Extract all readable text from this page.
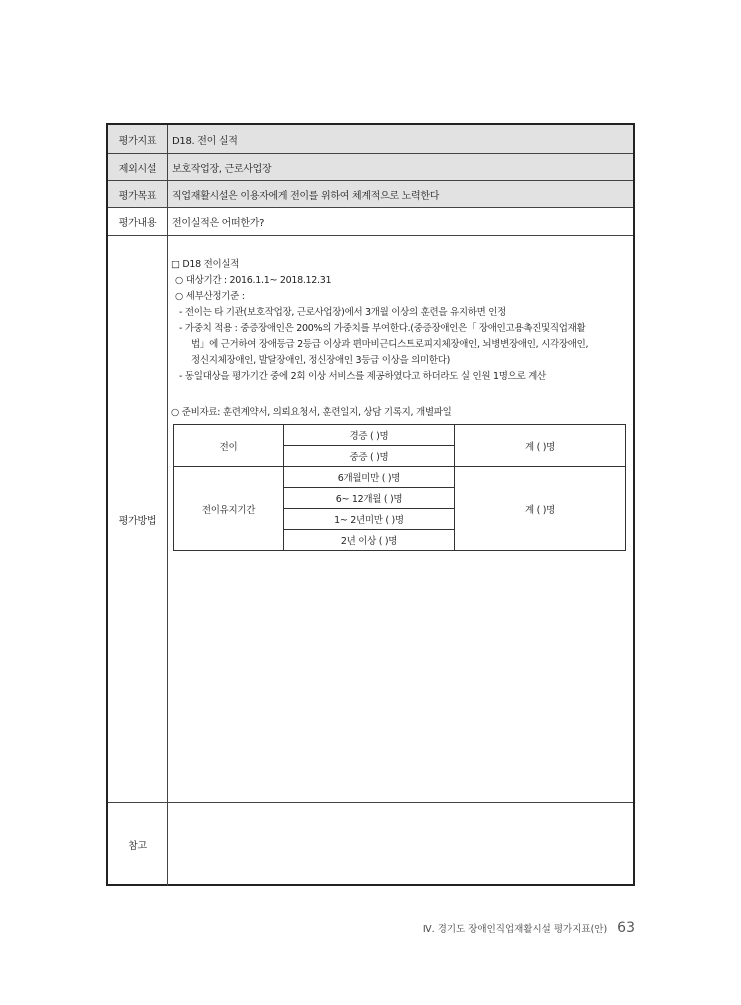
평가지표	D18. 전이 실적
제외시설	보호작업장, 근로사업장
평가목표	직업재활시설은 이용자에게 전이를 위하여 체계적으로 노력한다
평가내용	전이실적은 어떠한가?
평가방법
□ D18 전이실적
○ 대상기간 : 2016.1.1~ 2018.12.31
○ 세부산정기준 :
- 전이는 타 기관(보호작업장, 근로사업장)에서 3개월 이상의 훈련을 유지하면 인정
- 가중치 적용 : 중증장애인은 200%의 가중치를 부여한다.(중증장애인은「 장애인고용촉진및직업재활
법」에 근거하여 장애등급 2등급 이상과 편마비근디스트로피지체장애인, 뇌병변장애인, 시각장애인,
정신지체장애인, 발달장애인, 정신장애인 3등급 이상을 의미한다)
- 동일대상을 평가기간 중에 2회 이상 서비스를 제공하였다고 하더라도 실 인원 1명으로 계산
○ 준비자료: 훈련계약서, 의뢰요청서, 훈련일지, 상담 기록지, 개별파일
전이	경증 ( )명	계 ( )명
	중증 ( )명	
전이유지기간	6개월미만 ( )명	계 ( )명
	6~ 12개월 ( )명	
	1~ 2년미만 ( )명	
	2년 이상 ( )명	
참고
Ⅳ. 경기도 장애인직업재활시설 평가지표(안) 63
